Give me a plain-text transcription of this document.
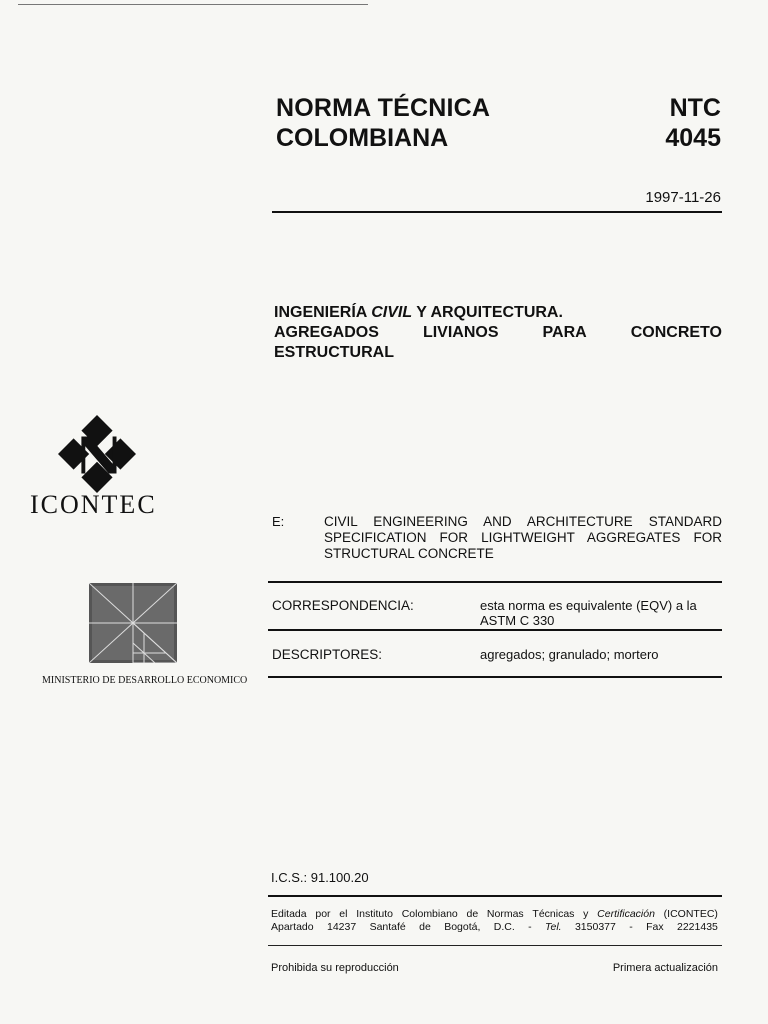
NORMA TÉCNICA
COLOMBIANA
NTC
4045
1997-11-26
INGENIERÍA CIVIL Y ARQUITECTURA.
AGREGADOS	LIVIANOS	PARA	CONCRETO
ESTRUCTURAL
ICONTEC
E:	CIVIL ENGINEERING AND ARCHITECTURE STANDARD SPECIFICATION FOR LIGHTWEIGHT AGGREGATES FOR STRUCTURAL CONCRETE
CORRESPONDENCIA:	esta norma es equivalente (EQV) a la
ASTM C 330
DESCRIPTORES:	agregados; granulado; mortero
MINISTERIO DE DESARROLLO ECONOMICO
I.C.S.: 91.100.20
Editada por el Instituto Colombiano de Normas Técnicas y Certificación (ICONTEC)
Apartado 14237 Santafé de Bogotá, D.C. - Tel. 3150377 - Fax 2221435
Prohibida su reproducción	Primera actualización
